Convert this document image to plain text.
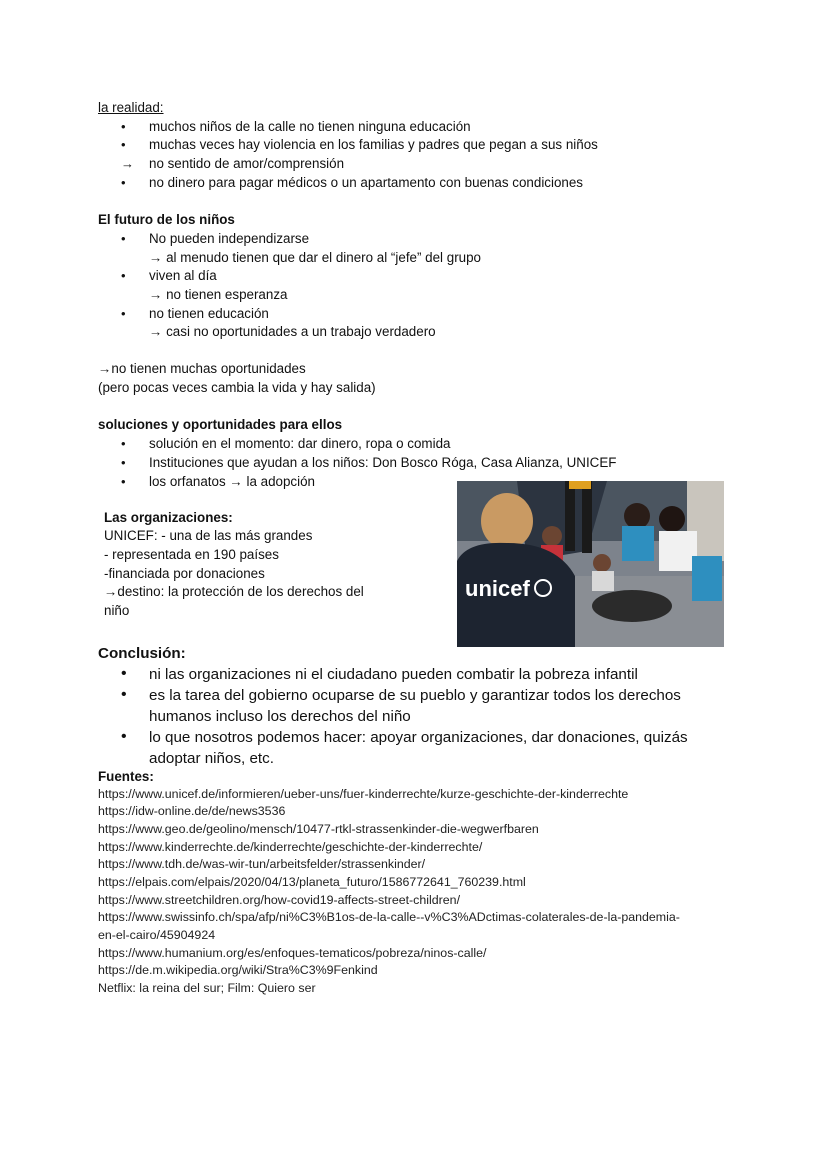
la realidad:
• muchos niños de la calle no tienen ninguna educación
• muchas veces hay violencia en los familias y padres que pegan a sus niños
→ no sentido de amor/comprensión
• no dinero para pagar médicos o un apartamento con buenas condiciones
El futuro de los niños
• No pueden independizarse
→ al menudo tienen que dar el dinero al “jefe” del grupo
• viven al día
→ no tienen esperanza
• no tienen educación
→ casi no oportunidades a un trabajo verdadero
→no tienen muchas oportunidades
(pero pocas veces cambia la vida y hay salida)
soluciones y oportunidades para ellos
• solución en el momento: dar dinero, ropa o comida
• Instituciones que ayudan a los niños: Don Bosco Róga, Casa Alianza, UNICEF
• los orfanatos → la adopción
Las organizaciones:
UNICEF: - una de las más grandes
- representada en 190 países
-financiada por donaciones
→destino: la protección de los derechos del
niño
unicef
Conclusión:
• ni las organizaciones ni el ciudadano pueden combatir la pobreza infantil
• es la tarea del gobierno ocuparse de su pueblo y garantizar todos los derechos
humanos incluso los derechos del niño
• lo que nosotros podemos hacer: apoyar organizaciones, dar donaciones, quizás
adoptar niños, etc.
Fuentes:
https://www.unicef.de/informieren/ueber-uns/fuer-kinderrechte/kurze-geschichte-der-kinderrechte
https://idw-online.de/de/news3536
https://www.geo.de/geolino/mensch/10477-rtkl-strassenkinder-die-wegwerfbaren
https://www.kinderrechte.de/kinderrechte/geschichte-der-kinderrechte/
https://www.tdh.de/was-wir-tun/arbeitsfelder/strassenkinder/
https://elpais.com/elpais/2020/04/13/planeta_futuro/1586772641_760239.html
https://www.streetchildren.org/how-covid19-affects-street-children/
https://www.swissinfo.ch/spa/afp/ni%C3%B1os-de-la-calle--v%C3%ADctimas-colaterales-de-la-pandemia-
en-el-cairo/45904924
https://www.humanium.org/es/enfoques-tematicos/pobreza/ninos-calle/
https://de.m.wikipedia.org/wiki/Stra%C3%9Fenkind
Netflix: la reina del sur; Film: Quiero ser
